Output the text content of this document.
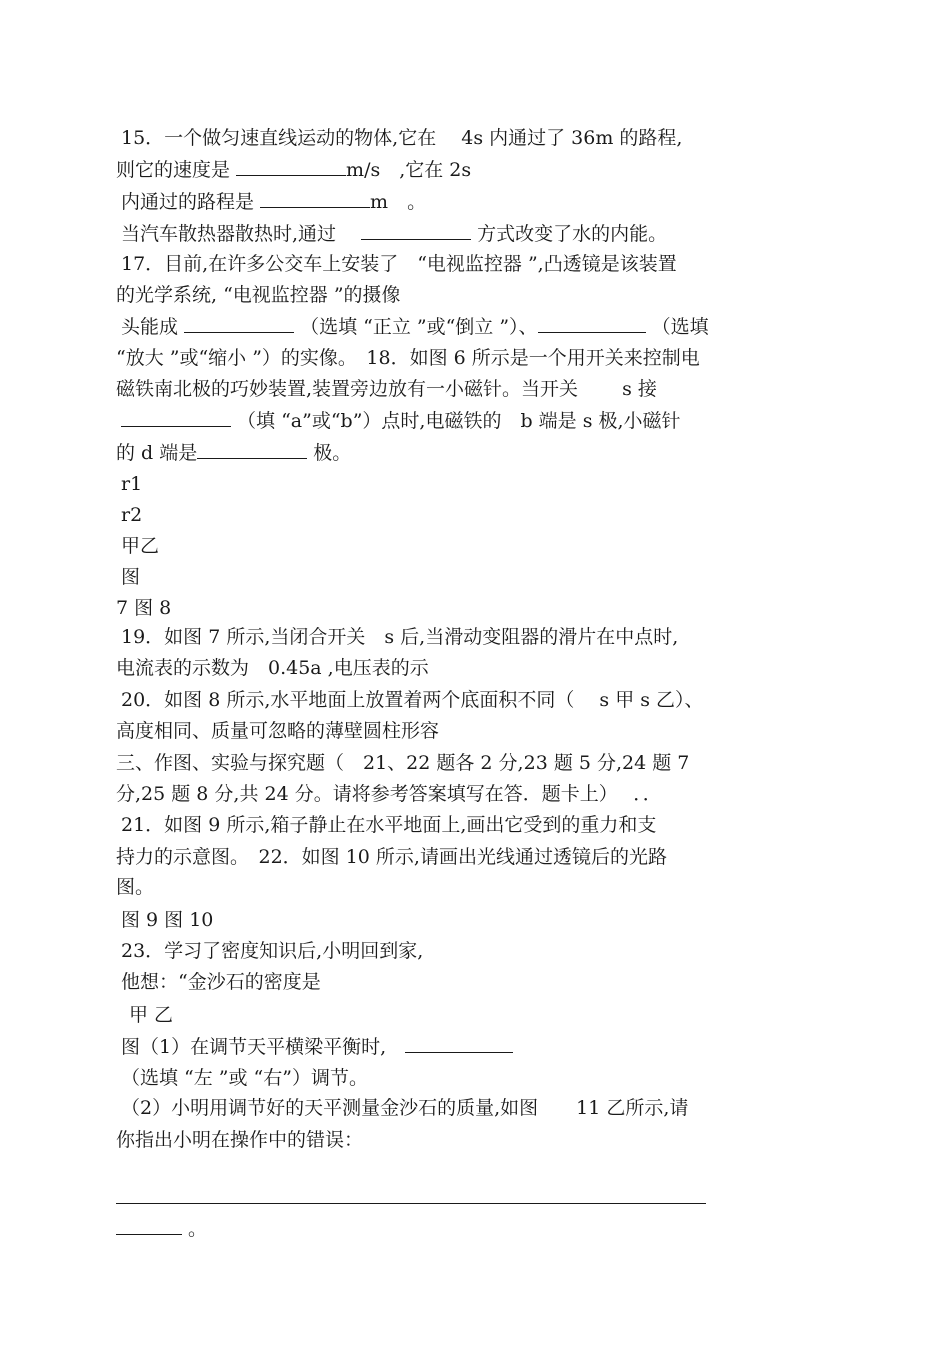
15．一个做匀速直线运动的物体,它在　 4s 内通过了 36m 的路程,
则它的速度是	m/s　,它在 2s
内通过的路程是	m　。
当汽车散热器散热时,通过　	方式改变了水的内能。
17．目前,在许多公交车上安装了　“电视监控器 ”,凸透镜是该装置
的光学系统, “电视监控器 ”的摄像
头能成	（选填 “正立 ”或“倒立 ”）、	（选填
“放大 ”或“缩小 ”）的实像。　18．如图 6 所示是一个用开关来控制电
磁铁南北极的巧妙装置,装置旁边放有一小磁针。当开关　　 s 接
（填 “a”或“b”）点时,电磁铁的　b 端是 s 极,小磁针
的 d 端是	极。
r1
r2
甲乙
图
7 图 8
19．如图 7 所示,当闭合开关　s 后,当滑动变阻器的滑片在中点时,
电流表的示数为　0.45a ,电压表的示
20．如图 8 所示,水平地面上放置着两个底面积不同（　 s 甲 s 乙）、
高度相同、质量可忽略的薄壁圆柱形容
三、作图、实验与探究题（　21、22 题各 2 分,23 题 5 分,24 题 7
分,25 题 8 分,共 24 分。请将参考答案填写在答．题卡上）　 ．．
21．如图 9 所示,箱子静止在水平地面上,画出它受到的重力和支
持力的示意图。　22．如图 10 所示,请画出光线通过透镜后的光路
图。
图 9 图 10
23．学习了密度知识后,小明回到家,
他想：“金沙石的密度是
甲 乙
图（1）在调节天平横梁平衡时,　
（选填 “左 ”或 “右”）调节。
（2）小明用调节好的天平测量金沙石的质量,如图　　11 乙所示,请
你指出小明在操作中的错误：
。
